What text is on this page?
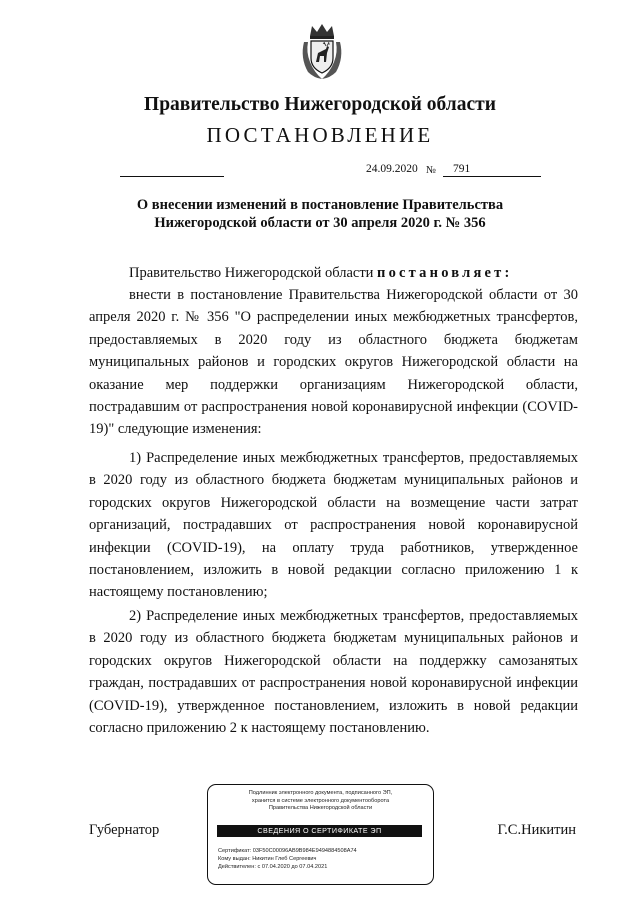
Правительство Нижегородской области
ПОСТАНОВЛЕНИЕ
24.09.2020 №	791
О внесении изменений в постановление Правительства
Нижегородской области от 30 апреля 2020 г. № 356
Правительство Нижегородской области постановляет:
внести в постановление Правительства Нижегородской области от 30 апреля 2020 г. № 356 "О распределении иных межбюджетных трансфертов, предоставляемых в 2020 году из областного бюджета бюджетам муниципальных районов и городских округов Нижегородской области на оказание мер поддержки организациям Нижегородской области, пострадавшим от распространения новой коронавирусной инфекции (COVID-19)" следующие изменения:
1) Распределение иных межбюджетных трансфертов, предоставляемых в 2020 году из областного бюджета бюджетам муниципальных районов и городских округов Нижегородской области на возмещение части затрат организаций, пострадавших от распространения новой коронавирусной инфекции (COVID-19), на оплату труда работников, утвержденное постановлением, изложить в новой редакции согласно приложению 1 к настоящему постановлению;
2) Распределение иных межбюджетных трансфертов, предоставляемых в 2020 году из областного бюджета бюджетам муниципальных районов и городских округов Нижегородской области на поддержку самозанятых граждан, пострадавших от распространения новой коронавирусной инфекции (COVID-19), утвержденное постановлением, изложить в новой редакции согласно приложению 2 к настоящему постановлению.
Губернатор
Подлинник электронного документа, подписанного ЭП,
хранится в системе электронного документооборота
Правительства Нижегородской области
СВЕДЕНИЯ О СЕРТИФИКАТЕ ЭП
Сертификат: 03F50C00096AB9B984E9494884508A74
Кому выдан: Никитин Глеб Сергеевич
Действителен: с 07.04.2020 до 07.04.2021
Г.С.Никитин
